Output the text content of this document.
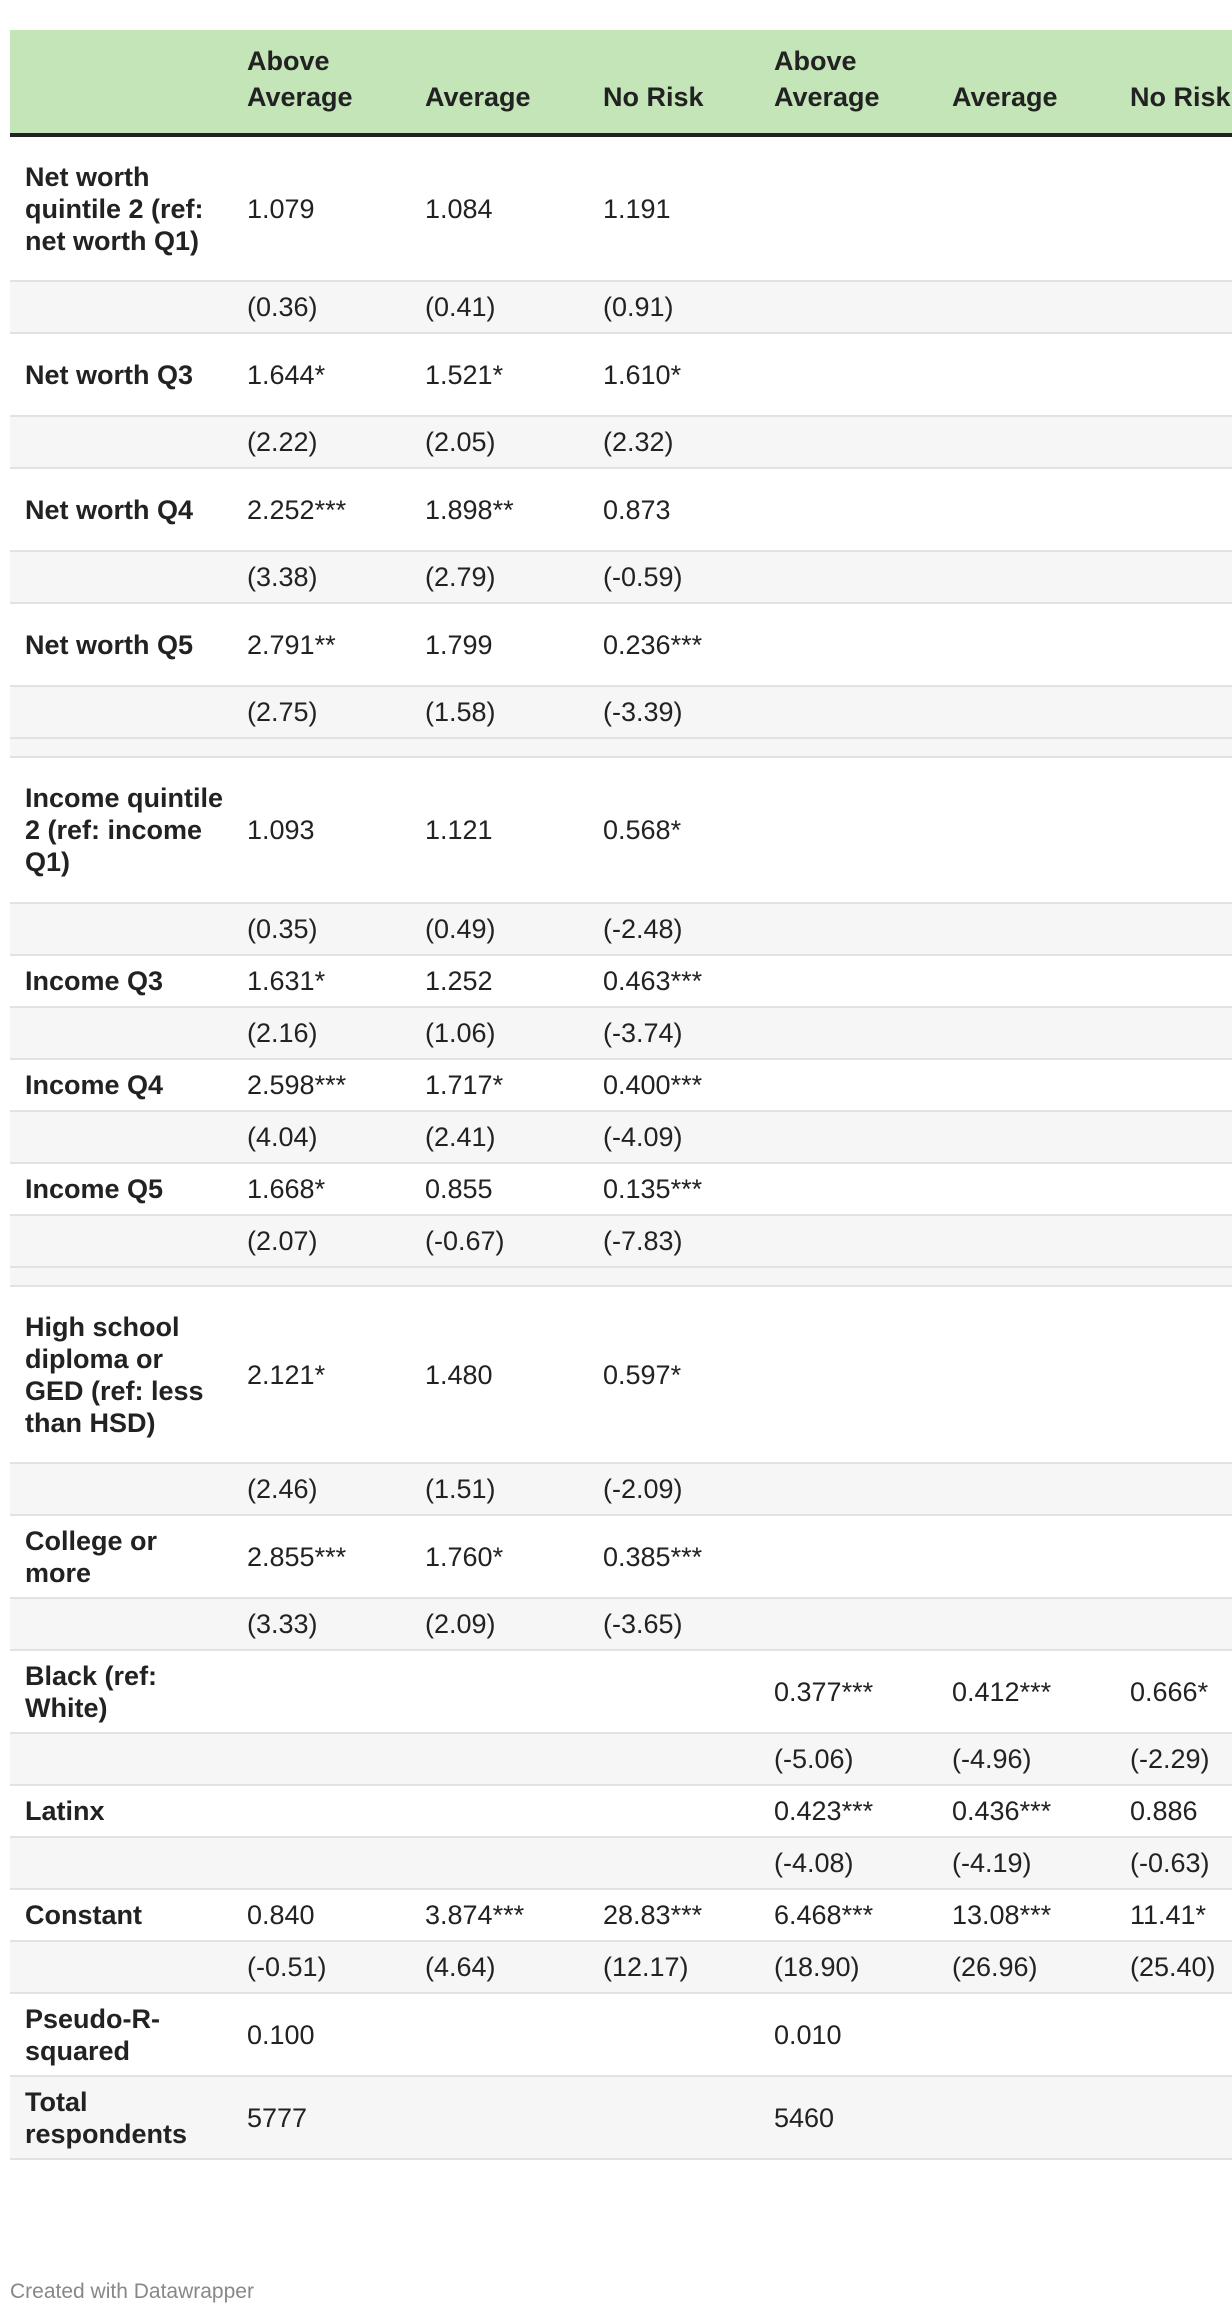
	Above Average	Average	No Risk	Above Average	Average	No Risk
Net worth quintile 2 (ref: net worth Q1)	1.079	1.084	1.191			
	(0.36)	(0.41)	(0.91)			
Net worth Q3	1.644*	1.521*	1.610*			
	(2.22)	(2.05)	(2.32)			
Net worth Q4	2.252***	1.898**	0.873			
	(3.38)	(2.79)	(-0.59)			
Net worth Q5	2.791**	1.799	0.236***			
	(2.75)	(1.58)	(-3.39)			

Income quintile 2 (ref: income Q1)	1.093	1.121	0.568*			
	(0.35)	(0.49)	(-2.48)			
Income Q3	1.631*	1.252	0.463***			
	(2.16)	(1.06)	(-3.74)			
Income Q4	2.598***	1.717*	0.400***			
	(4.04)	(2.41)	(-4.09)			
Income Q5	1.668*	0.855	0.135***			
	(2.07)	(-0.67)	(-7.83)			

High school diploma or GED (ref: less than HSD)	2.121*	1.480	0.597*			
	(2.46)	(1.51)	(-2.09)			
College or more	2.855***	1.760*	0.385***			
	(3.33)	(2.09)	(-3.65)			
Black (ref: White)				0.377***	0.412***	0.666*
				(-5.06)	(-4.96)	(-2.29)
Latinx				0.423***	0.436***	0.886
				(-4.08)	(-4.19)	(-0.63)
Constant	0.840	3.874***	28.83***	6.468***	13.08***	11.41*
	(-0.51)	(4.64)	(12.17)	(18.90)	(26.96)	(25.40)
Pseudo-R-squared	0.100			0.010		
Total respondents	5777			5460		
Created with Datawrapper
